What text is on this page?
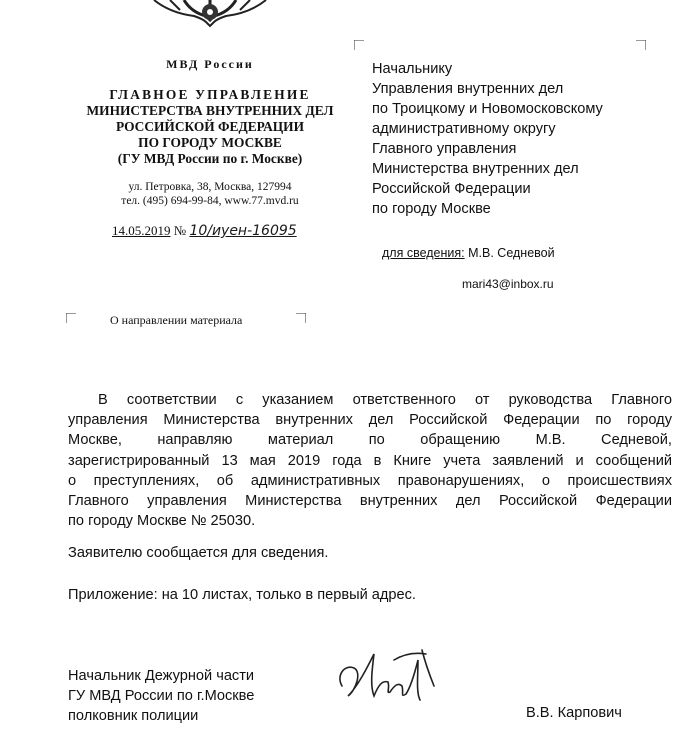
МВД России
ГЛАВНОЕ УПРАВЛЕНИЕ
МИНИСТЕРСТВА ВНУТРЕННИХ ДЕЛ
РОССИЙСКОЙ ФЕДЕРАЦИИ
ПО ГОРОДУ МОСКВЕ
(ГУ МВД России по г. Москве)
ул. Петровка, 38, Москва, 127994
тел. (495) 694-99-84, www.77.mvd.ru
14.05.2019 № 10/иуен-16095
Начальнику
Управления внутренних дел
по Троицкому и Новомосковскому
административному округу
Главного управления
Министерства внутренних дел
Российской Федерации
по городу Москве
для сведения: М.В. Седневой
mari43@inbox.ru
О направлении материала
В соответствии с указанием ответственного от руководства Главного
управления Министерства внутренних дел Российской Федерации по городу
Москве, направляю материал по обращению М.В. Седневой,
зарегистрированный 13 мая 2019 года в Книге учета заявлений и сообщений
о преступлениях, об административных правонарушениях, о происшествиях
Главного управления Министерства внутренних дел Российской Федерации
по городу Москве № 25030.
Заявителю сообщается для сведения.
Приложение: на 10 листах, только в первый адрес.
Начальник Дежурной части
ГУ МВД России по г.Москве
полковник полиции	В.В. Карпович
